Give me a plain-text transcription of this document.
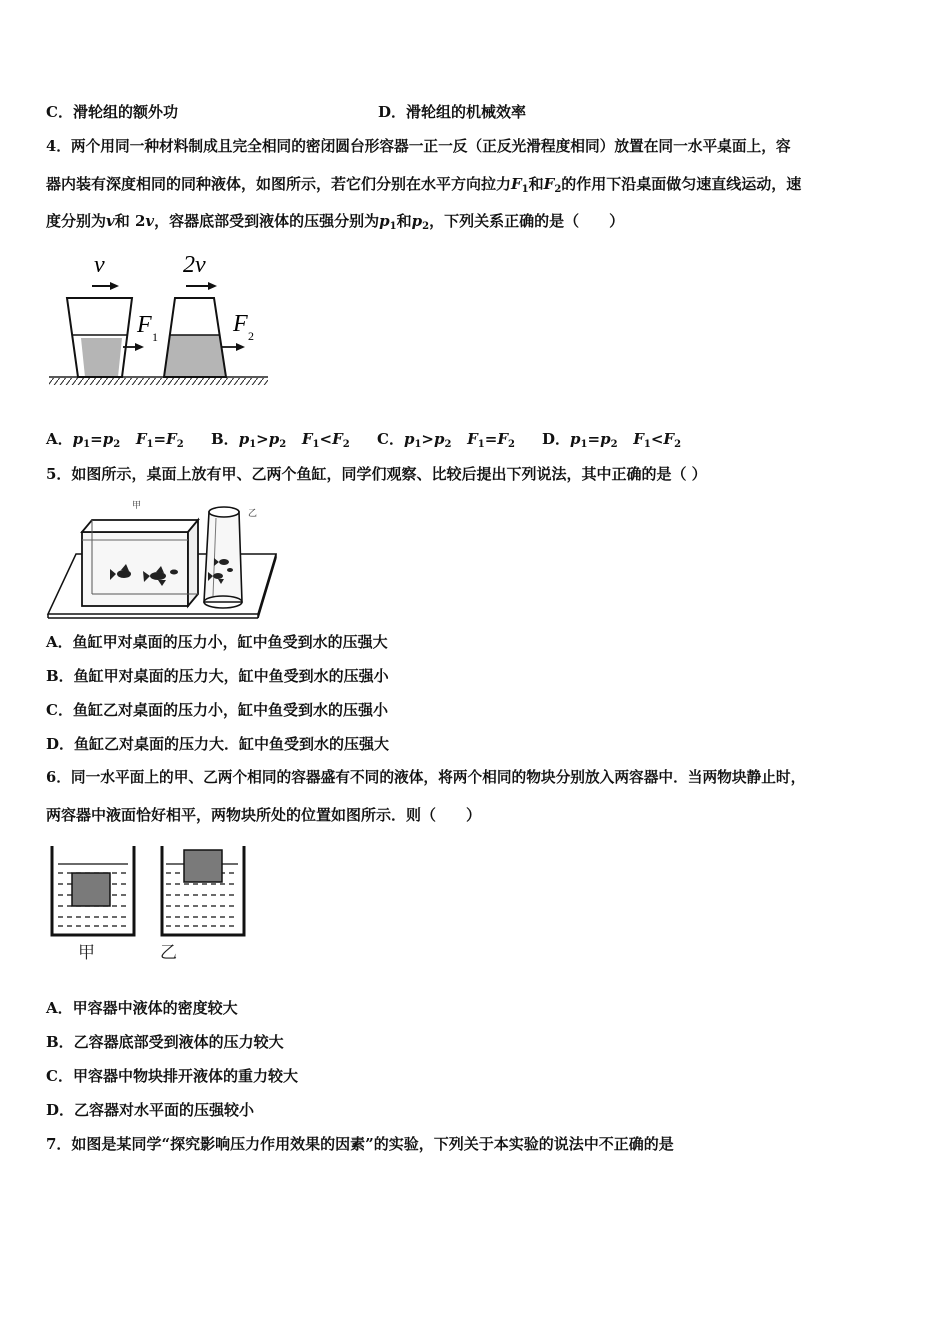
C．滑轮组的额外功	D．滑轮组的机械效率
4．两个用同一种材料制成且完全相同的密闭圆台形容器一正一反（正反光滑程度相同）放置在同一水平桌面上，容
器内装有深度相同的同种液体，如图所示，若它们分别在水平方向拉力$F_1$和$F_2$的作用下沿桌面做匀速直线运动，速
度分别为v和 2v，容器底部受到液体的压强分别为$p_1$和$p_2$，下列关系正确的是（　　）
v	2v
F 1	F 2
A．$p_1=p_2$ $F_1=F_2$ B．$p_1>p_2$ $F_1<F_2$ C．$p_1>p_2$ $F_1=F_2$ D．$p_1=p_2$ $F_1<F_2$
5．如图所示，桌面上放有甲、乙两个鱼缸，同学们观察、比较后提出下列说法，其中正确的是（ ）
甲
乙
A．鱼缸甲对桌面的压力小，缸中鱼受到水的压强大
B．鱼缸甲对桌面的压力大，缸中鱼受到水的压强小
C．鱼缸乙对桌面的压力小，缸中鱼受到水的压强小
D．鱼缸乙对桌面的压力大．缸中鱼受到水的压强大
6．同一水平面上的甲、乙两个相同的容器盛有不同的液体，将两个相同的物块分别放入两容器中．当两物块静止时，
两容器中液面恰好相平，两物块所处的位置如图所示．则（　　）
甲	乙
A．甲容器中液体的密度较大
B．乙容器底部受到液体的压力较大
C．甲容器中物块排开液体的重力较大
D．乙容器对水平面的压强较小
7．如图是某同学“探究影响压力作用效果的因素”的实验，下列关于本实验的说法中不正确的是
